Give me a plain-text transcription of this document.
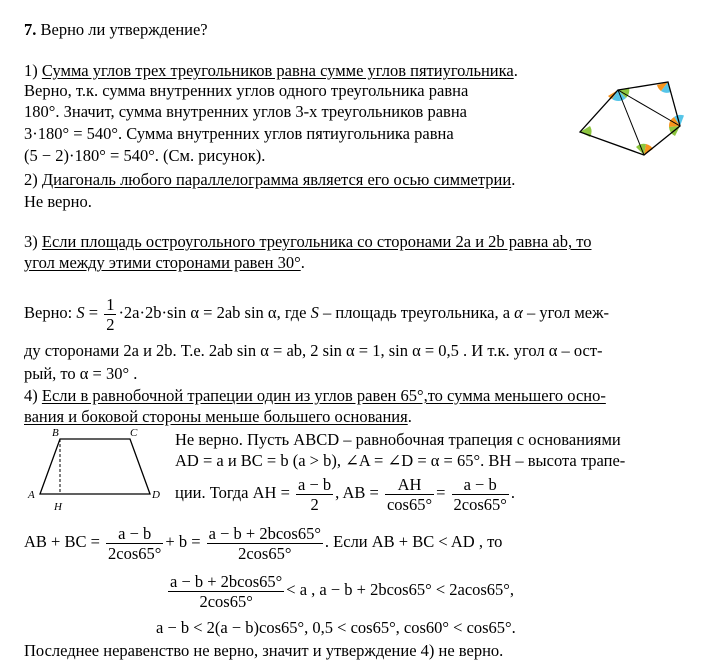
7. Верно ли утверждение?
1) Сумма углов трех треугольников равна сумме углов пятиугольника.
Верно, т.к. сумма внутренних углов одного треугольника равна
180°. Значит, сумма внутренних углов 3-х треугольников равна
3·180° = 540°. Сумма внутренних углов пятиугольника равна
(5 − 2)·180° = 540°. (См. рисунок).
2) Диагональ любого параллелограмма является его осью симметрии.
Не верно.
3) Если площадь остроугольного треугольника со сторонами 2a и 2b равна ab, то
угол между этими сторонами равен 30°.
Верно: $S = \frac{1}{2} \cdot 2a\cdot 2b\cdot\sin$ α = 2ab sin α, где S – площадь треугольника, а α – угол меж-
ду сторонами 2a и 2b. Т.е. 2ab sin α = ab, 2 sin α = 1, sin α = 0,5 . И т.к. угол α – ост-
рый, то α = 30° .
4) Если в равнобочной трапеции один из углов равен 65°,то сумма меньшего осно-
вания и боковой стороны меньше большего основания.
B	C
A	D
H
Не верно. Пусть ABCD – равнобочная трапеция с основаниями
AD = a и BC = b (a > b), ∠A = ∠D = α = 65°. BH – высота трапе-
ции. Тогда AH = $\frac{a - b}{2}$ , AB = $\frac{AH}{\cos 65^\circ} = \frac{a - b}{2\cos 65^\circ}$ .
AB + BC = $\frac{a - b}{2\cos 65^\circ} + b = \frac{a - b + 2bcos65^\circ}{2\cos 65^\circ}$ . Если AB + BC < AD , то
$\frac{a - b + 2bcos65^\circ}{2\cos 65^\circ} < a$ , a − b + 2bcos65° < 2acos65°,
a − b < 2(a − b)cos65°, 0,5 < cos65°, cos60° < cos65°.
Последнее неравенство не верно, значит и утверждение 4) не верно.
